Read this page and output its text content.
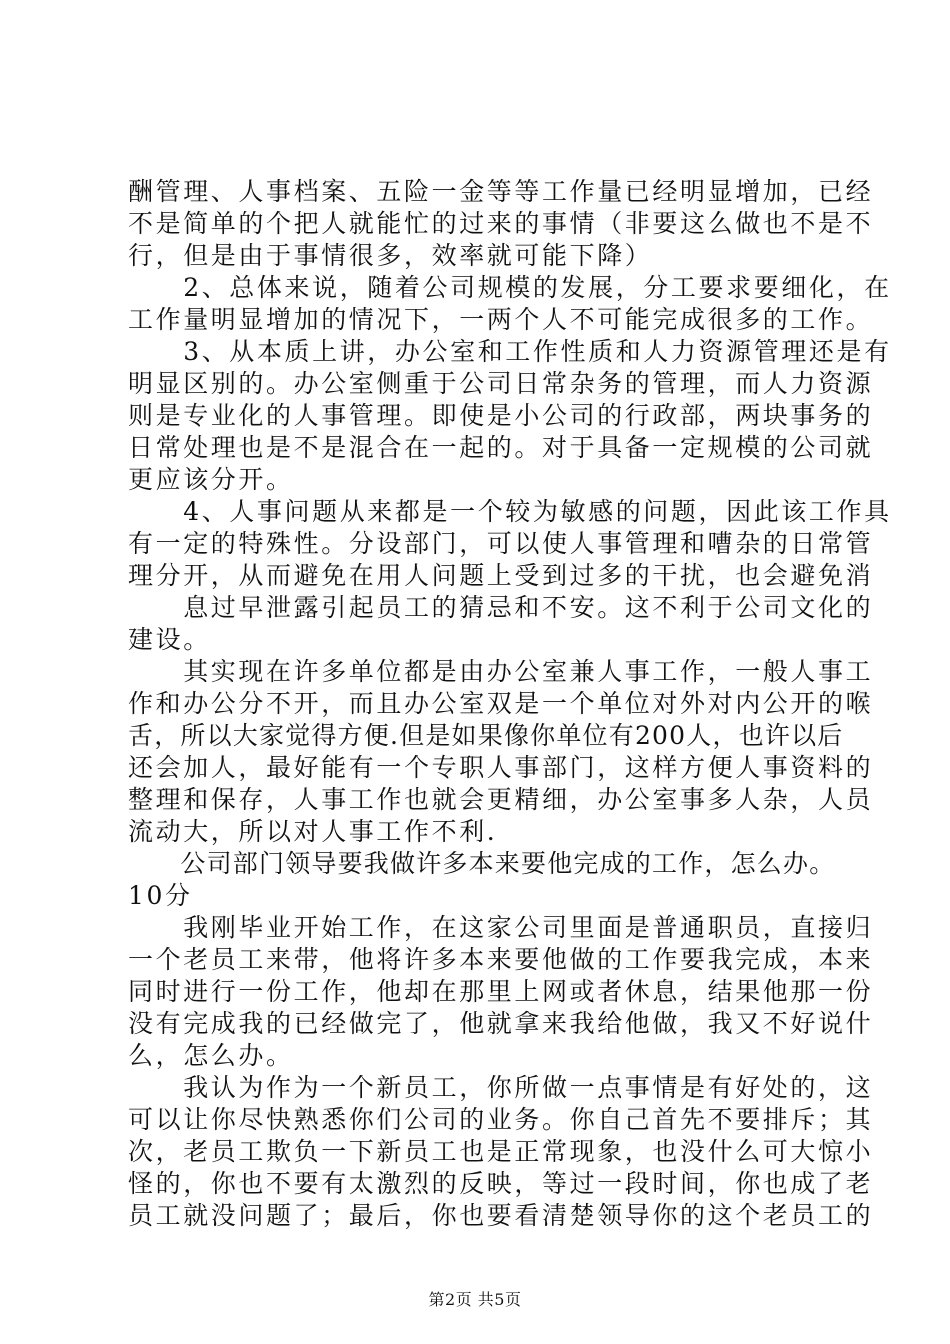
酬管理、人事档案、五险一金等等工作量已经明显增加，已经
不是简单的个把人就能忙的过来的事情（非要这么做也不是不
行，但是由于事情很多，效率就可能下降）
　　2、总体来说，随着公司规模的发展，分工要求要细化，在
工作量明显增加的情况下，一两个人不可能完成很多的工作。
　　3、从本质上讲，办公室和工作性质和人力资源管理还是有
明显区别的。办公室侧重于公司日常杂务的管理，而人力资源
则是专业化的人事管理。即使是小公司的行政部，两块事务的
日常处理也是不是混合在一起的。对于具备一定规模的公司就
更应该分开。
　　4、人事问题从来都是一个较为敏感的问题，因此该工作具
有一定的特殊性。分设部门，可以使人事管理和嘈杂的日常管
理分开，从而避免在用人问题上受到过多的干扰，也会避免消
　　息过早泄露引起员工的猜忌和不安。这不利于公司文化的
建设。
　　其实现在许多单位都是由办公室兼人事工作，一般人事工
作和办公分不开，而且办公室双是一个单位对外对内公开的喉
舌，所以大家觉得方便.但是如果像你单位有200人，也许以后
还会加人，最好能有一个专职人事部门，这样方便人事资料的
整理和保存，人事工作也就会更精细，办公室事多人杂，人员
流动大，所以对人事工作不利.
　　公司部门领导要我做许多本来要他完成的工作，怎么办。
10分
　　我刚毕业开始工作，在这家公司里面是普通职员，直接归
一个老员工来带，他将许多本来要他做的工作要我完成，本来
同时进行一份工作，他却在那里上网或者休息，结果他那一份
没有完成我的已经做完了，他就拿来我给他做，我又不好说什
么，怎么办。
　　我认为作为一个新员工，你所做一点事情是有好处的，这
可以让你尽快熟悉你们公司的业务。你自己首先不要排斥；其
次，老员工欺负一下新员工也是正常现象，也没什么可大惊小
怪的，你也不要有太激烈的反映，等过一段时间，你也成了老
员工就没问题了；最后，你也要看清楚领导你的这个老员工的
第2页 共5页
